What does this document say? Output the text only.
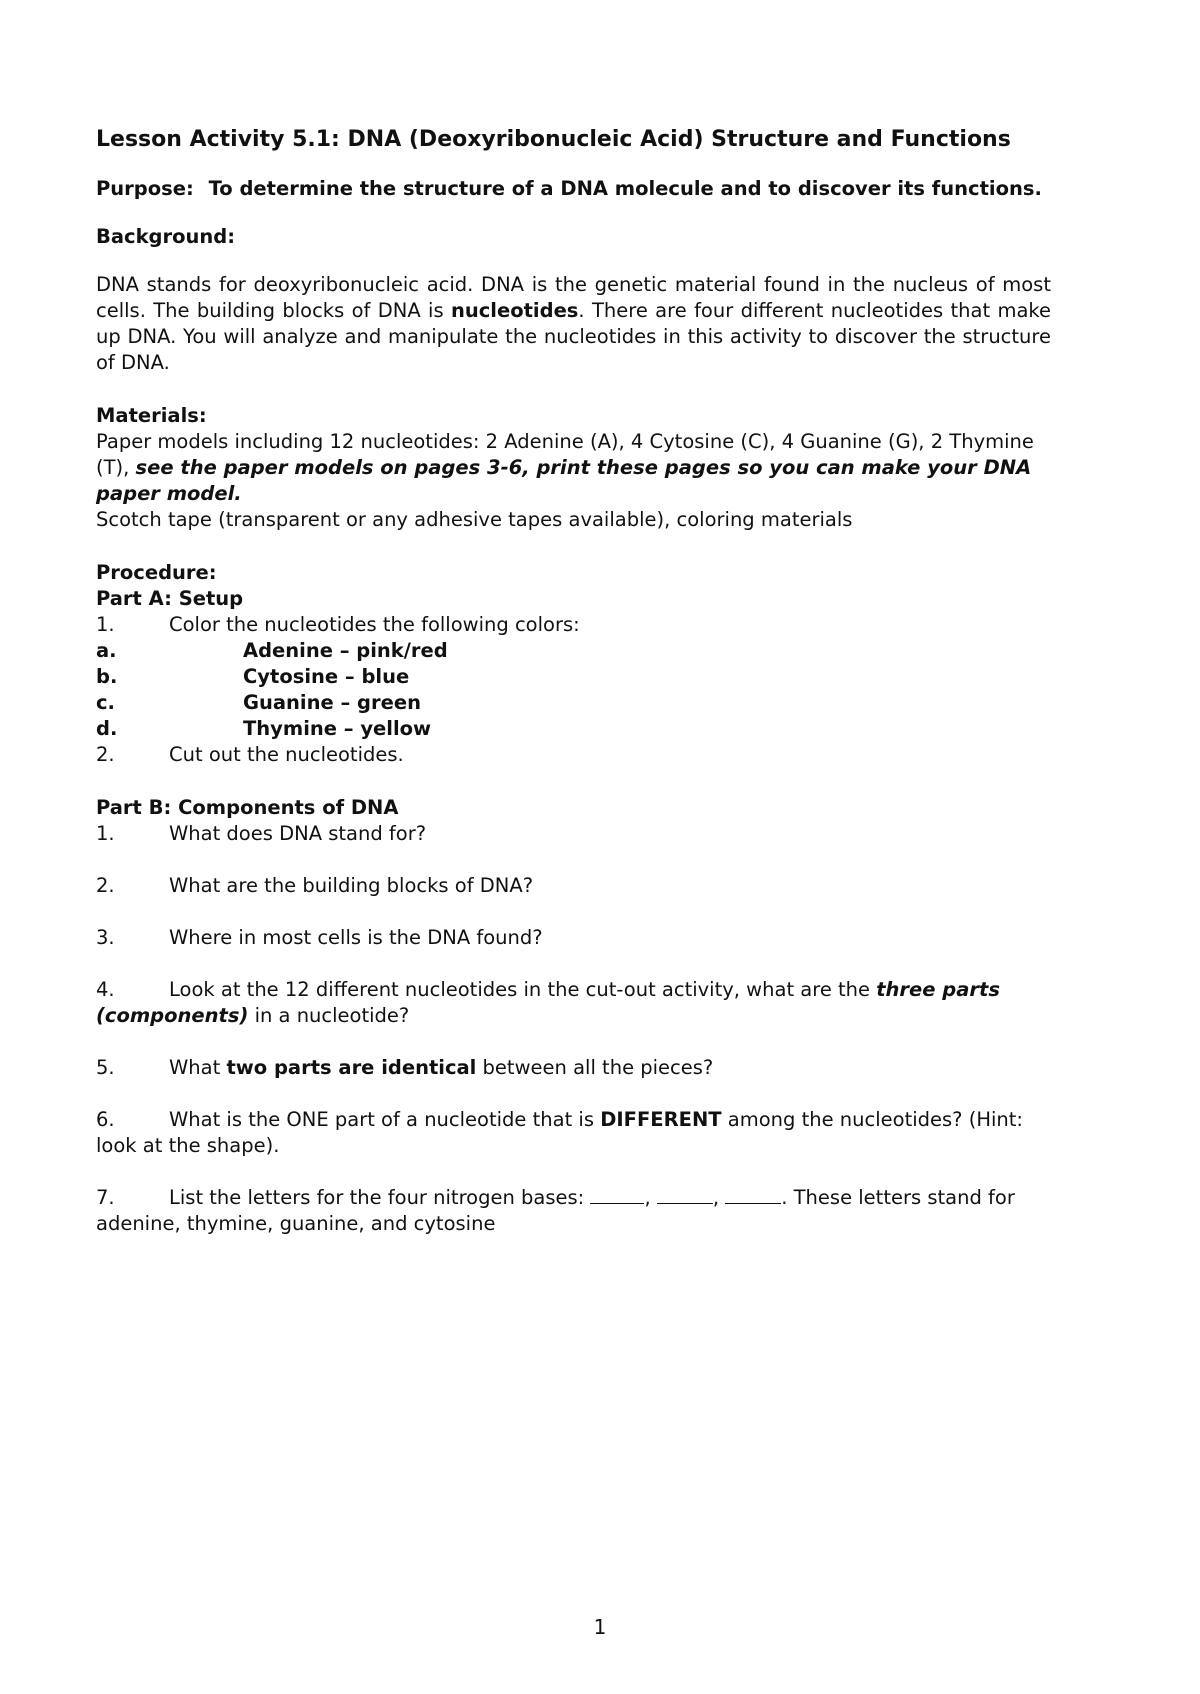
Lesson Activity 5.1: DNA (Deoxyribonucleic Acid) Structure and Functions

Purpose: To determine the structure of a DNA molecule and to discover its functions.

Background:

DNA stands for deoxyribonucleic acid. DNA is the genetic material found in the nucleus of most cells. The building blocks of DNA is nucleotides. There are four different nucleotides that make up DNA. You will analyze and manipulate the nucleotides in this activity to discover the structure of DNA.

Materials:

Paper models including 12 nucleotides: 2 Adenine (A), 4 Cytosine (C), 4 Guanine (G), 2 Thymine (T), see the paper models on pages 3-6, print these pages so you can make your DNA paper model.

Scotch tape (transparent or any adhesive tapes available), coloring materials

Procedure:

Part A: Setup

1.	Color the nucleotides the following colors:
a.	Adenine – pink/red
b.	Cytosine – blue
c.	Guanine – green
d.	Thymine – yellow
2.	Cut out the nucleotides.

Part B: Components of DNA

1.	What does DNA stand for?

2.	What are the building blocks of DNA?

3.	Where in most cells is the DNA found?

4.	Look at the 12 different nucleotides in the cut-out activity, what are the three parts (components) in a nucleotide?

5.	What two parts are identical between all the pieces?

6.	What is the ONE part of a nucleotide that is DIFFERENT among the nucleotides? (Hint: look at the shape).

7.	List the letters for the four nitrogen bases:	,	,	. These letters stand for adenine, thymine, guanine, and cytosine

1
